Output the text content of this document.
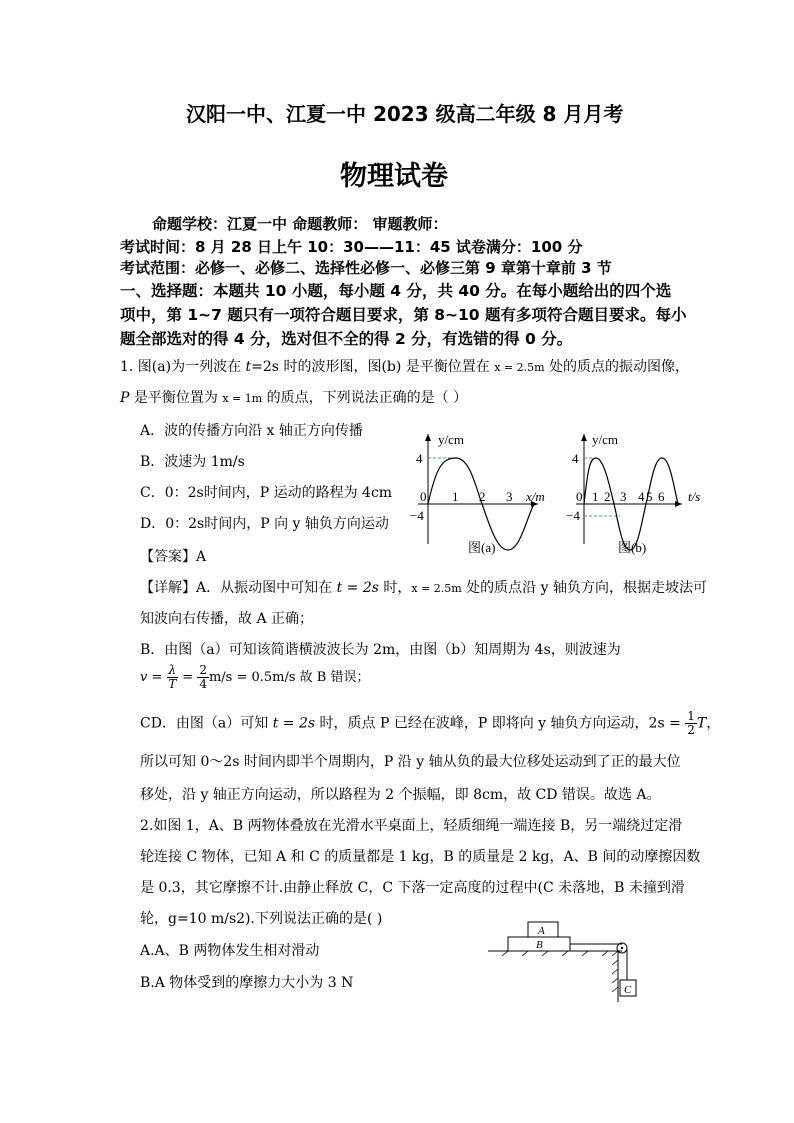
汉阳一中、江夏一中 2023 级高二年级 8 月月考
物理试卷
命题学校：江夏一中 命题教师： 审题教师：
考试时间：8 月 28 日上午 10：30——11：45 试卷满分：100 分
考试范围：必修一、必修二、选择性必修一、必修三第 9 章第十章前 3 节
一、选择题：本题共 10 小题，每小题 4 分，共 40 分。在每小题给出的四个选
项中，第 1~7 题只有一项符合题目要求，第 8~10 题有多项符合题目要求。每小
题全部选对的得 4 分，选对但不全的得 2 分，有选错的得 0 分。
1. 图(a)为一列波在 t=2s 时的波形图，图(b) 是平衡位置在 x = 2.5m 处的质点的振动图像，
P 是平衡位置为 x = 1m 的质点，下列说法正确的是（ ）
A．波的传播方向沿 x 轴正方向传播
B．波速为 1m/s
C．0：2s时间内，P 运动的路程为 4cm
D．0：2s时间内，P 向 y 轴负方向运动
y/cm
4
−4
0 1 2 3 x/m
图(a)
y/cm
4
−4
0 1 2 3 4 5 6 t/s
图(b)
【答案】A
【详解】A．从振动图中可知在 t = 2s 时，x = 2.5m 处的质点沿 y 轴负方向，根据走坡法可
知波向右传播，故 A 正确；
B．由图（a）可知该简谐横波波长为 2m，由图（b）知周期为 4s，则波速为
$v = \frac{\lambda}{T} = \frac{2}{4} m/s = 0.5m/s$ 故 B 错误；
CD．由图（a）可知 t = 2s 时，质点 P 已经在波峰，P 即将向 y 轴负方向运动，$2s = \frac{1}{2}$ T，
所以可知 0～2s 时间内即半个周期内，P 沿 y 轴从负的最大位移处运动到了正的最大位
移处，沿 y 轴正方向运动，所以路程为 2 个振幅，即 8cm，故 CD 错误。故选 A。
2.如图 1，A、B 两物体叠放在光滑水平桌面上，轻质细绳一端连接 B，另一端绕过定滑
轮连接 C 物体，已知 A 和 C 的质量都是 1 kg，B 的质量是 2 kg，A、B 间的动摩擦因数
是 0.3，其它摩擦不计.由静止释放 C，C 下落一定高度的过程中(C 未落地，B 未撞到滑
轮，g=10 m/s2).下列说法正确的是( )
A.A、B 两物体发生相对滑动
B.A 物体受到的摩擦力大小为 3 N
A
B
C
